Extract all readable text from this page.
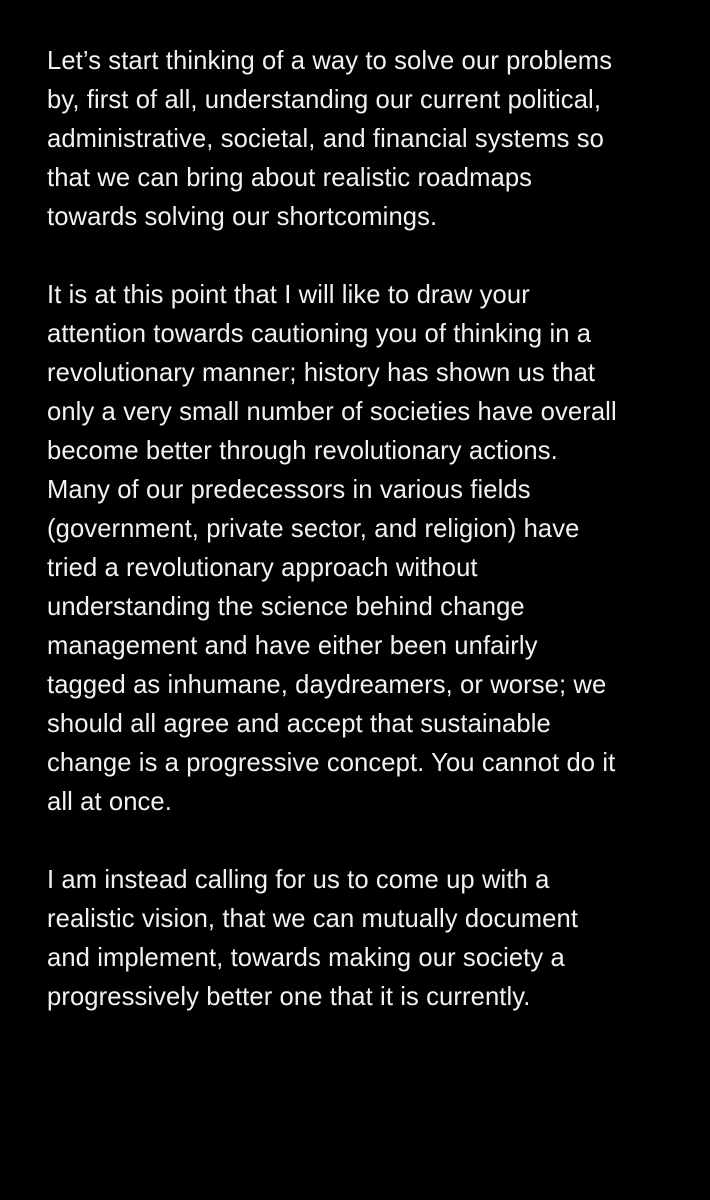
Let’s start thinking of a way to solve our problems
by, first of all, understanding our current political,
administrative, societal, and financial systems so
that we can bring about realistic roadmaps
towards solving our shortcomings.
It is at this point that I will like to draw your
attention towards cautioning you of thinking in a
revolutionary manner; history has shown us that
only a very small number of societies have overall
become better through revolutionary actions.
Many of our predecessors in various fields
(government, private sector, and religion) have
tried a revolutionary approach without
understanding the science behind change
management and have either been unfairly
tagged as inhumane, daydreamers, or worse; we
should all agree and accept that sustainable
change is a progressive concept. You cannot do it
all at once.
I am instead calling for us to come up with a
realistic vision, that we can mutually document
and implement, towards making our society a
progressively better one that it is currently.
